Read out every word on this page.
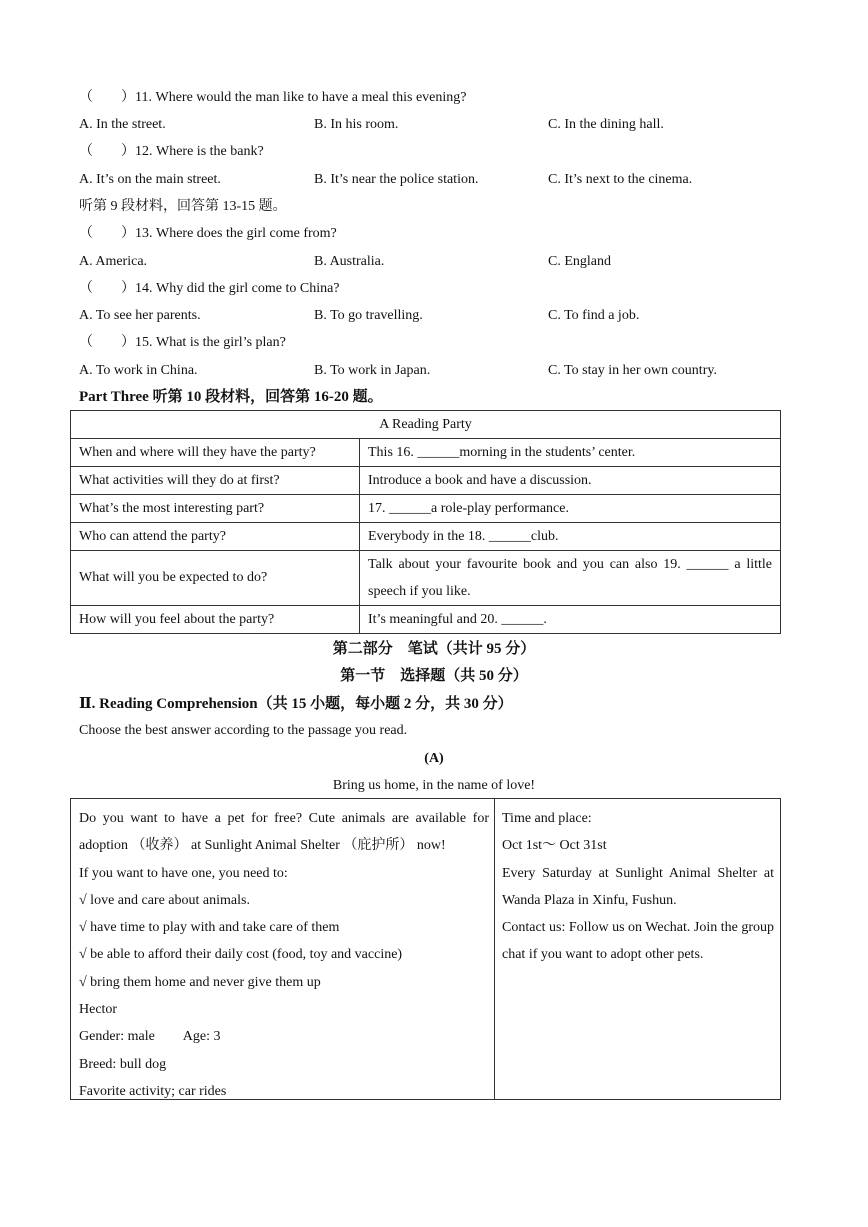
（　　）11. Where would the man like to have a meal this evening?
A. In the street.	B. In his room.	C. In the dining hall.
（　　）12. Where is the bank?
A. It’s on the main street.	B. It’s near the police station.	C. It’s next to the cinema.
听第 9 段材料，回答第 13-15 题。
（　　）13. Where does the girl come from?
A. America.	B. Australia.	C. England
（　　）14. Why did the girl come to China?
A. To see her parents.	B. To go travelling.	C. To find a job.
（　　）15. What is the girl’s plan?
A. To work in China.	B. To work in Japan.	C. To stay in her own country.
Part Three 听第 10 段材料，回答第 16-20 题。
A Reading Party	
When and where will they have the party?	This 16. ______morning in the students’ center.
What activities will they do at first?	Introduce a book and have a discussion.
What’s the most interesting part?	17. ______a role-play performance.
Who can attend the party?	Everybody in the 18. ______club.
What will you be expected to do?	Talk about your favourite book and you can also 19. ______ a little speech if you like.
How will you feel about the party?	It’s meaningful and 20. ______.
第二部分　笔试（共计 95 分）
第一节　选择题（共 50 分）
Ⅱ. Reading Comprehension（共 15 小题，每小题 2 分，共 30 分）
Choose the best answer according to the passage you read.
(A)
Bring us home, in the name of love!
Do you want to have a pet for free? Cute animals are available for adoption （收养） at Sunlight Animal Shelter （庇护所） now!
If you want to have one, you need to:
√ love and care about animals.
√ have time to play with and take care of them
√ be able to afford their daily cost (food, toy and vaccine)
√ bring them home and never give them up
Hector
Gender: male Age: 3
Breed: bull dog
Favorite activity; car rides
Time and place:
Oct 1st～ Oct 31st
Every Saturday at Sunlight Animal Shelter at Wanda Plaza in Xinfu, Fushun.
Contact us: Follow us on Wechat. Join the group chat if you want to adopt other pets.
